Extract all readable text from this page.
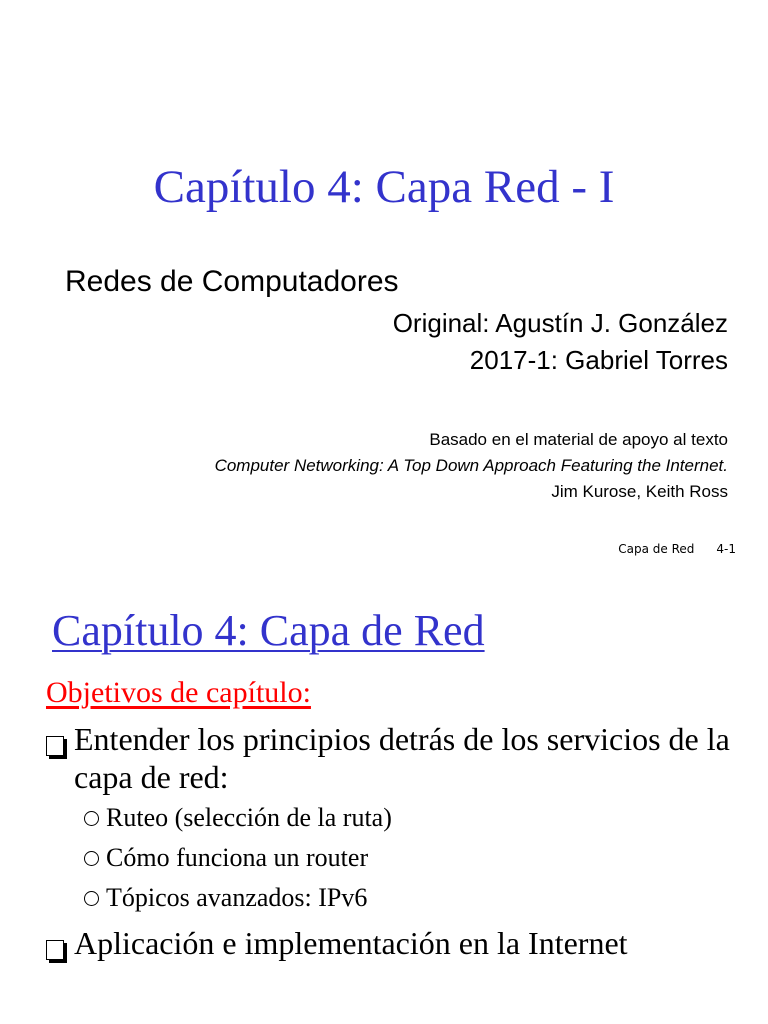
Capítulo 4: Capa Red - I
Redes de Computadores
Original: Agustín J. González
2017-1: Gabriel Torres
Basado en el material de apoyo al texto
Computer Networking: A Top Down Approach Featuring the Internet.
Jim Kurose, Keith Ross
Capa de Red 4-1
Capítulo 4: Capa de Red
Objetivos de capítulo:
Entender los principios detrás de los servicios de la capa de red:
Ruteo (selección de la ruta)
Cómo funciona un router
Tópicos avanzados: IPv6
Aplicación e implementación en la Internet
